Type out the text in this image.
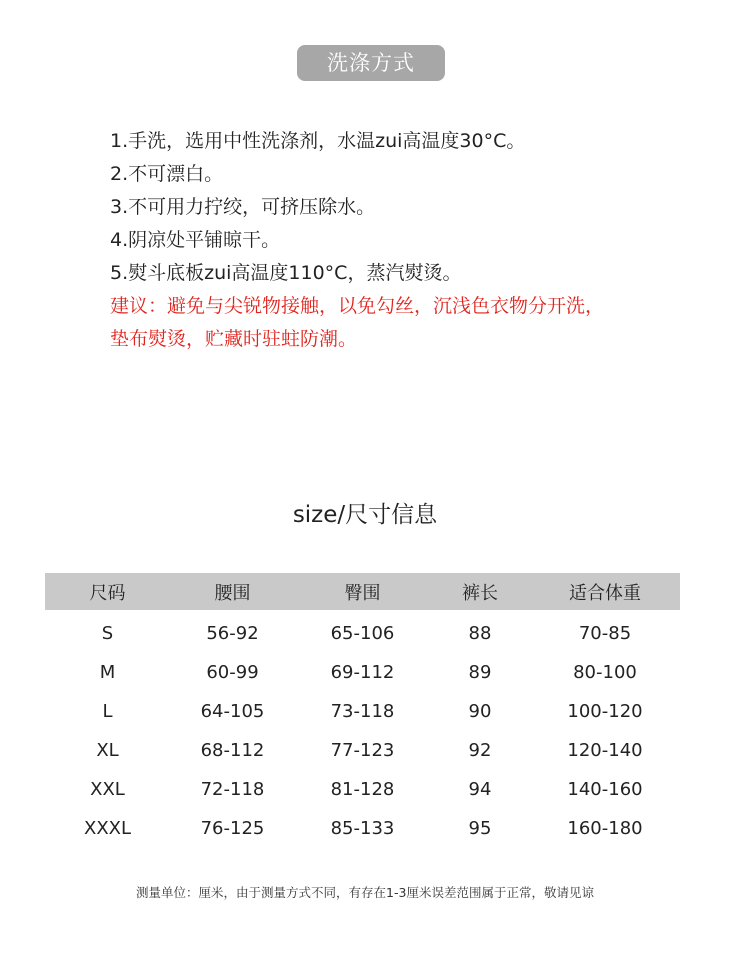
洗涤方式
1.手洗，选用中性洗涤剂，水温zui高温度30°C。
2.不可漂白。
3.不可用力拧绞，可挤压除水。
4.阴凉处平铺晾干。
5.熨斗底板zui高温度110°C，蒸汽熨烫。
建议：避免与尖锐物接触，以免勾丝，沉浅色衣物分开洗，
垫布熨烫，贮藏时驻蛀防潮。
size/尺寸信息
尺码	腰围	臀围	裤长	适合体重
S	56-92	65-106	88	70-85
M	60-99	69-112	89	80-100
L	64-105	73-118	90	100-120
XL	68-112	77-123	92	120-140
XXL	72-118	81-128	94	140-160
XXXL	76-125	85-133	95	160-180
测量单位：厘米，由于测量方式不同，有存在1-3厘米误差范围属于正常，敬请见谅
